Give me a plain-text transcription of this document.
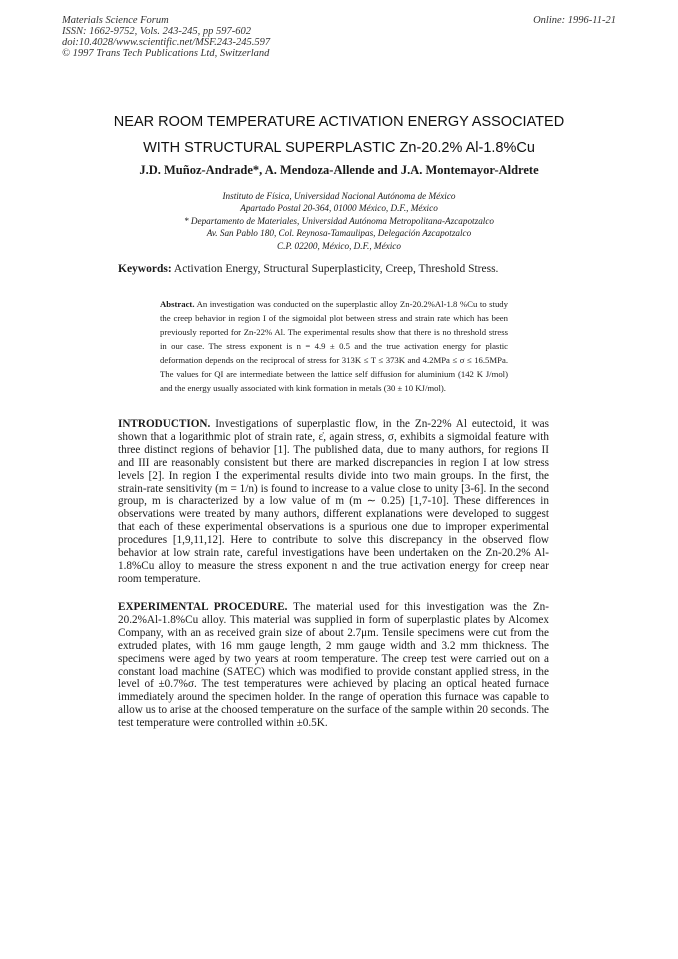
Materials Science Forum
ISSN: 1662-9752, Vols. 243-245, pp 597-602
doi:10.4028/www.scientific.net/MSF.243-245.597
© 1997 Trans Tech Publications Ltd, Switzerland
Online: 1996-11-21
NEAR ROOM TEMPERATURE ACTIVATION ENERGY ASSOCIATED
WITH STRUCTURAL SUPERPLASTIC Zn-20.2% Al-1.8%Cu
J.D. Muñoz-Andrade*, A. Mendoza-Allende and J.A. Montemayor-Aldrete
Instituto de Física, Universidad Nacional Autónoma de México
Apartado Postal 20-364, 01000 México, D.F., México
* Departamento de Materiales, Universidad Autónoma Metropolitana-Azcapotzalco
Av. San Pablo 180, Col. Reynosa-Tamaulipas, Delegación Azcapotzalco
C.P. 02200, México, D.F., México
Keywords: Activation Energy, Structural Superplasticity, Creep, Threshold Stress.
Abstract. An investigation was conducted on the superplastic alloy Zn-20.2%Al-1.8 %Cu to study the creep behavior in region I of the sigmoidal plot between stress and strain rate which has been previously reported for Zn-22% Al. The experimental results show that there is no threshold stress in our case. The stress exponent is n = 4.9 ± 0.5 and the true activation energy for plastic deformation depends on the reciprocal of stress for 313K ≤ T ≤ 373K and 4.2MPa ≤ σ ≤ 16.5MPa. The values for QI are intermediate between the lattice self diffusion for aluminium (142 K J/mol) and the energy usually associated with kink formation in metals (30 ± 10 KJ/mol).
INTRODUCTION. Investigations of superplastic flow, in the Zn-22% Al eutectoid, it was shown that a logarithmic plot of strain rate, ε̇, again stress, σ, exhibits a sigmoidal feature with three distinct regions of behavior [1]. The published data, due to many authors, for regions II and III are reasonably consistent but there are marked discrepancies in region I at low stress levels [2]. In region I the experimental results divide into two main groups. In the first, the strain-rate sensitivity (m = 1/n) is found to increase to a value close to unity [3-6]. In the second group, m is characterized by a low value of m (m ∼ 0.25) [1,7-10]. These differences in observations were treated by many authors, different explanations were developed to suggest that each of these experimental observations is a spurious one due to improper experimental procedures [1,9,11,12]. Here to contribute to solve this discrepancy in the observed flow behavior at low strain rate, careful investigations have been undertaken on the Zn-20.2% Al-1.8%Cu alloy to measure the stress exponent n and the true activation energy for creep near room temperature.
EXPERIMENTAL PROCEDURE. The material used for this investigation was the Zn-20.2%Al-1.8%Cu alloy. This material was supplied in form of superplastic plates by Alcomex Company, with an as received grain size of about 2.7μm. Tensile specimens were cut from the extruded plates, with 16 mm gauge length, 2 mm gauge width and 3.2 mm thickness. The specimens were aged by two years at room temperature. The creep test were carried out on a constant load machine (SATEC) which was modified to provide constant applied stress, in the level of ±0.7%σ. The test temperatures were achieved by placing an optical heated furnace immediately around the specimen holder. In the range of operation this furnace was capable to allow us to arise at the choosed temperature on the surface of the sample within 20 seconds. The test temperature were controlled within ±0.5K.
